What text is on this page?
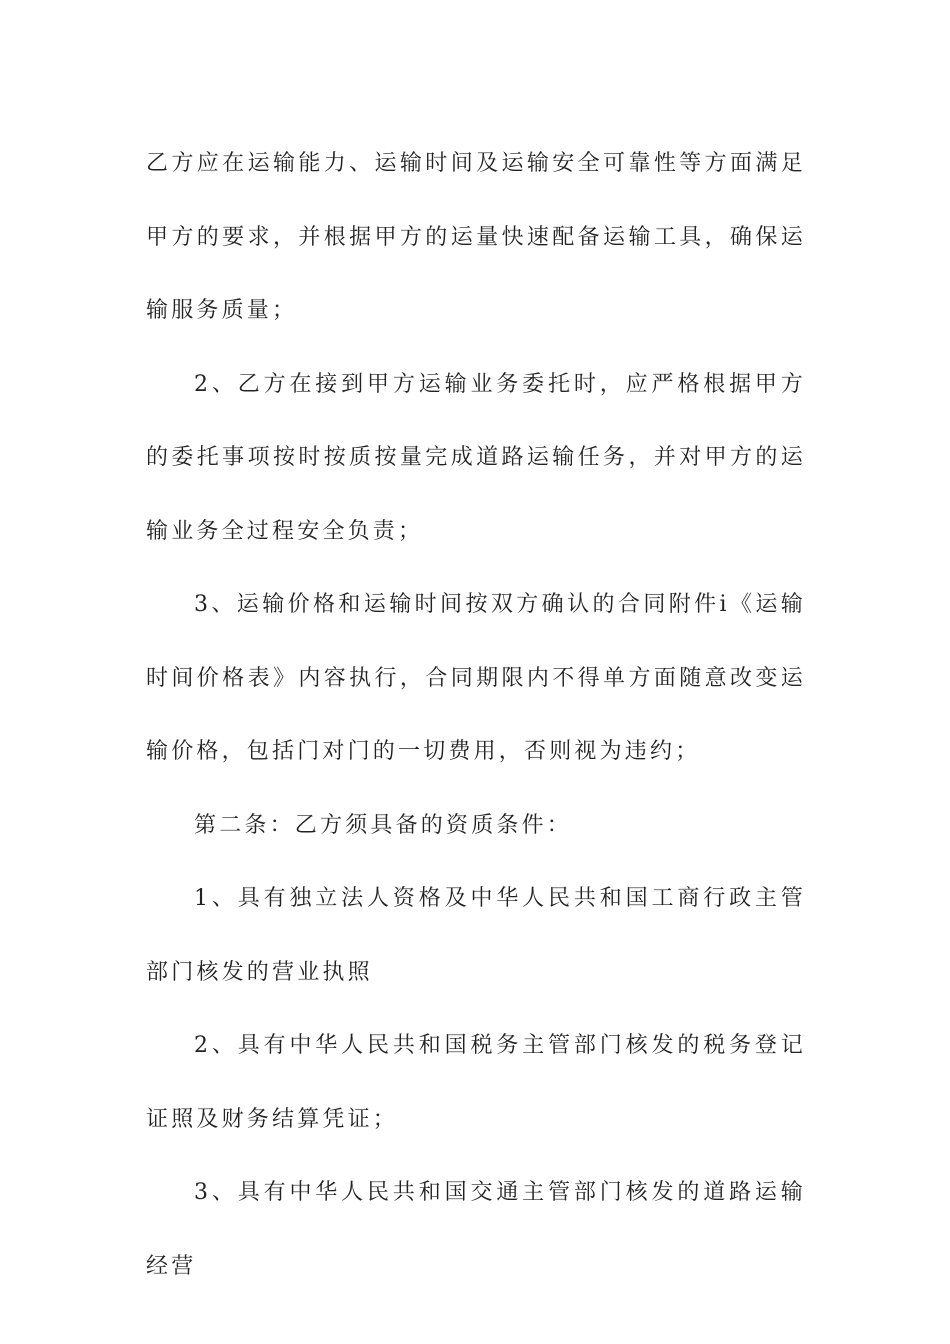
乙方应在运输能力、运输时间及运输安全可靠性等方面满足甲方的要求，并根据甲方的运量快速配备运输工具，确保运输服务质量；

2、乙方在接到甲方运输业务委托时，应严格根据甲方的委托事项按时按质按量完成道路运输任务，并对甲方的运输业务全过程安全负责；

3、运输价格和运输时间按双方确认的合同附件ⅰ《运输时间价格表》内容执行，合同期限内不得单方面随意改变运输价格，包括门对门的一切费用，否则视为违约；

第二条：乙方须具备的资质条件：

1、具有独立法人资格及中华人民共和国工商行政主管部门核发的营业执照

2、具有中华人民共和国税务主管部门核发的税务登记证照及财务结算凭证；

3、具有中华人民共和国交通主管部门核发的道路运输经营
